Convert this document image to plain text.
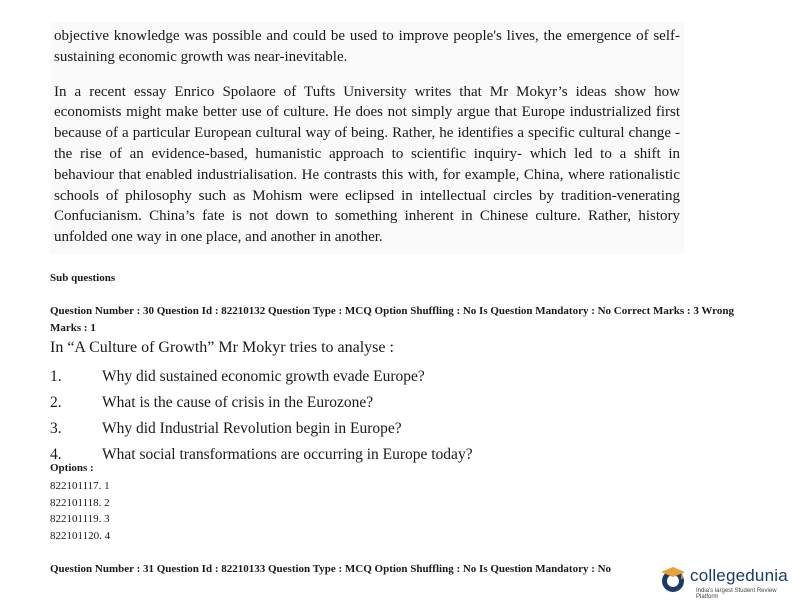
objective knowledge was possible and could be used to improve people's lives, the emergence of self-sustaining economic growth was near-inevitable.

In a recent essay Enrico Spolaore of Tufts University writes that Mr Mokyr’s ideas show how economists might make better use of culture. He does not simply argue that Europe industrialized first because of a particular European cultural way of being. Rather, he identifies a specific cultural change - the rise of an evidence-based, humanistic approach to scientific inquiry- which led to a shift in behaviour that enabled industrialisation. He contrasts this with, for example, China, where rationalistic schools of philosophy such as Mohism were eclipsed in intellectual circles by tradition-venerating Confucianism. China’s fate is not down to something inherent in Chinese culture. Rather, history unfolded one way in one place, and another in another.

Sub questions
Question Number : 30 Question Id : 82210132 Question Type : MCQ Option Shuffling : No Is Question Mandatory : No Correct Marks : 3 Wrong Marks : 1
In “A Culture of Growth” Mr Mokyr tries to analyse :
1.	Why did sustained economic growth evade Europe?
2.	What is the cause of crisis in the Eurozone?
3.	Why did Industrial Revolution begin in Europe?
4.	What social transformations are occurring in Europe today?
Options :
822101117. 1
822101118. 2
822101119. 3
822101120. 4
Question Number : 31 Question Id : 82210133 Question Type : MCQ Option Shuffling : No Is Question Mandatory : No	collegedunia
India's largest Student Review Platform
